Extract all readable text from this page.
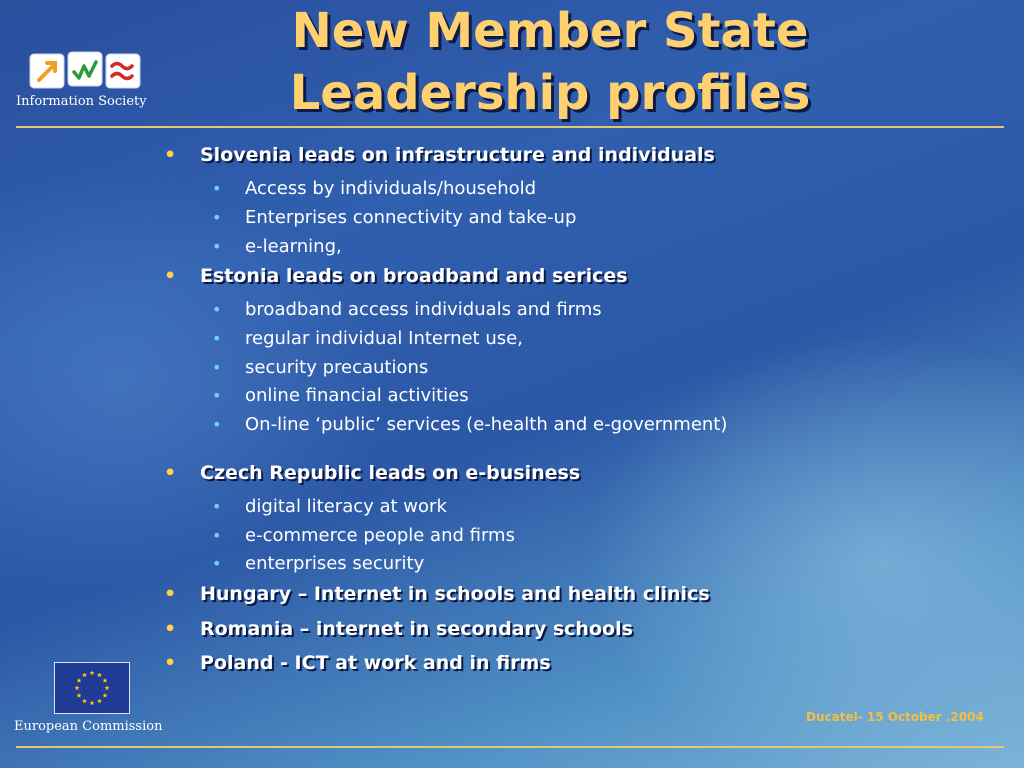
Information Society
New Member State
Leadership profiles
• Slovenia leads on infrastructure and individuals
• Access by individuals/household
• Enterprises connectivity and take-up
• e-learning,
• Estonia leads on broadband and serices
• broadband access individuals and firms
• regular individual Internet use,
• security precautions
• online financial activities
• On-line ‘public’ services (e-health and e-government)
• Czech Republic leads on e-business
• digital literacy at work
• e-commerce people and firms
• enterprises security
• Hungary – Internet in schools and health clinics
• Romania – internet in secondary schools
• Poland - ICT at work and in firms
European Commission
Ducatel- 15 October .2004
